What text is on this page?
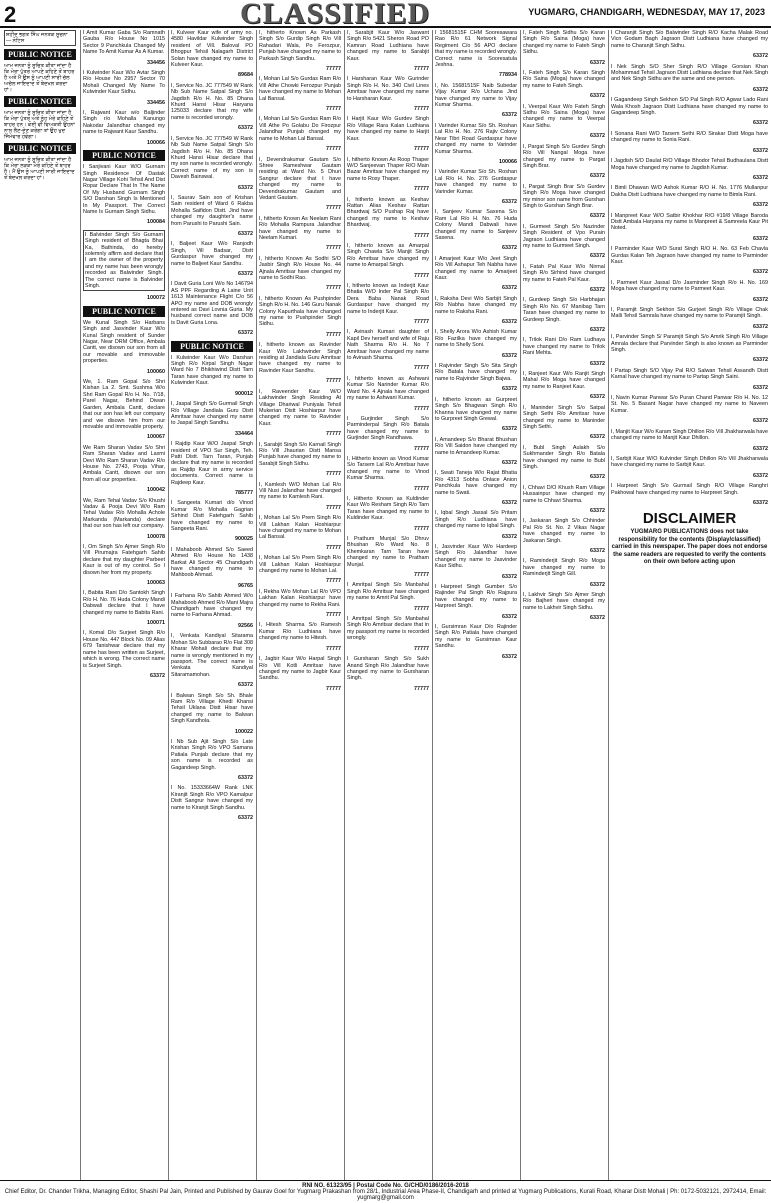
2	CLASSIFIED	YUGMARG, CHANDIGARH, WEDNESDAY, MAY 17, 2023
ਸ਼ਹੀਦ ਭਗਤ ਸਿੰਘ ਜਨਤਕ ਸੂਚਨਾ — ਨੋਟਿਸ
PUBLIC NOTICE
ਆਮ ਜਨਤਾ ਨੂੰ ਸੂਚਿਤ ਕੀਤਾ ਜਾਂਦਾ ਹੈ ਕਿ ਮੇਰਾ ਪੁੱਤਰ ਆਪਣੇ ਕਹਿਣੇ ਤੋਂ ਬਾਹਰ ਹੈ ਅਤੇ ਮੈਂ ਉਸ ਨੂੰ ਆਪਣੀ ਸਾਰੀ ਚੱਲ ਅਚੱਲ ਜਾਇਦਾਦ ਤੋਂ ਬੇਦਖਲ ਕਰਦਾ ਹਾਂ।
PUBLIC NOTICE
ਆਮ ਜਨਤਾ ਨੂੰ ਸੂਚਿਤ ਕੀਤਾ ਜਾਂਦਾ ਹੈ ਕਿ ਮੇਰਾ ਪੁੱਤਰ ਅਤੇ ਨੂੰਹ ਮੇਰੇ ਕਹਿਣੇ ਤੋਂ ਬਾਹਰ ਹਨ। ਕੋਈ ਵੀ ਵਿਅਕਤੀ ਉਹਨਾਂ ਨਾਲ ਲੈਣ-ਦੇਣ ਕਰੇਗਾ ਤਾਂ ਉਹ ਖੁਦ ਜਿੰਮੇਵਾਰ ਹੋਵੇਗਾ।
PUBLIC NOTICE
ਆਮ ਜਨਤਾ ਨੂੰ ਸੂਚਿਤ ਕੀਤਾ ਜਾਂਦਾ ਹੈ ਕਿ ਮੇਰਾ ਲੜਕਾ ਮੇਰੇ ਕਹਿਣੇ ਤੋਂ ਬਾਹਰ ਹੈ। ਮੈਂ ਉਸ ਨੂੰ ਆਪਣੀ ਸਾਰੀ ਜਾਇਦਾਦ ਤੋਂ ਬੇਦਖਲ ਕਰਦਾ ਹਾਂ।
I Amit Kumar Gaba S/o Ramnath Gauba R/o House No 1015 Sector 9 Panchkula Changed My Name To Amit Kumar As A Kumar.
334456
I Kulwinder Kaur W/o Avtar Singh R/o House No 2957 Sector 70 Mohali Changed My Name To Kulwinder Kaur Sidhu.
334456
I, Rajwant Kaur w/o Baljinder Singh r/o Mohalla Kanungo Nakodar Jalandhar changed my name to Rajwant Kaur Sandhu.
100066
PUBLIC NOTICE
I Sanjivani Kaur W/O Gurnam Singh Residence Of Dastak Nagar Village Kohi Tehsil And Dist Ropar Declare That In The Name Of My Husband Gurnam Singh S/O Darshan Singh Is Mentioned In My Passport. The Correct Name Is Gurnam Singh Sidhu.
100084
I Balvinder Singh S/o Gurnam Singh resident of Bhagta Bhai Ka, Bathinda, do hereby solemnly affirm and declare that I am the owner of the property and my name has been wrongly recorded as Balwinder Singh. The correct name is Balvinder Singh.
100072
PUBLIC NOTICE
We Kunal Singh S/o Harbans Singh and Jasvinder Kaur W/o Kunal Singh resident of Sunder Nagar, Near DRM Office, Ambala Cantt, we disown our son from all our movable and immovable properties.
100060
We, 1. Ram Gopal S/o Shri Kishan La 2. Smt. Sushma W/o Shri Ram Gopal R/o H. No. 7/18, Parel Nagar, Behind Diwan Garden, Ambala Cantt, declare that our son has left our company and we disown him from our movable and immovable property.
100067
We Ram Sharan Vadav S/o Shri Ram Sharan Vadav and Laxmi Devi W/o Ram Sharan Vadav R/o House No. 2743, Pooja Vihar, Ambala Cantt, disown our son from all our properties.
100042
We, Ram Tehal Vadav S/o Khushi Vadav & Pooja Devi W/o Ram Tehal Vadav R/o Mohalla Achole Markanda (Markanda) declare that our son has left our company.
100078
I, Om Singh S/o Ajmer Singh R/o Vill Pirumajra Fatehgarh Sahib declare that my daughter Parbeet Kaur is out of my control. So I disown her from my property.
100063
I, Babita Rani D/o Santokh Singh R/o H. No. 76 Huda Colony Mandi Dabwali declare that I have changed my name to Babita Rani.
100071
I, Komal D/o Surjeet Singh R/o House No. 447 Block No. 09 Alias 679 Tanishwar declare that my name has been written as Surjeet, which is wrong. The correct name is Surjeet Singh.
63372
I, Kulveer Kaur wife of army no. 4580 Havildar Kulwinder Singh resident of Vill. Baloval PO Bhogpur Tehsil Nalagarh District Solan have changed my name to Kulveer Kaur.
89684
I, Service No. JC 777549 W Rank Nb Sub Name Satpal Singh S/o Jagdish R/o H. No. 85 Dhana Khurd Hansi Hisar Haryana 125033 declare that my wife name is recorded wrongly.
63372
I, Service No. JC 777549 W Rank Nb Sub Name Satpal Singh S/o Jagdish R/o H. No. 85 Dhana Khurd Hansi Hisar declare that my son name is recorded wrongly. Correct name of my son is Davesh Bainswal.
63372
I, Saurav Sain son of Krishan Sain resident of Ward 6 Rakba Mohalla Saifidon Distt. Jind have changed my daughter's name from Parushi to Parushi Sain.
63372
I, Baljeet Kaur W/o Ranjodh Singh, Vill Badsar, Distt Gurdaspur have changed my name to Baljeet Kaur Sandhu.
63372
I Davit Guria Loni W/o No 146794 AS PPF Regarding A Laine Unit 1613 Maintenance Flight C/o 56 APO my name and DOB wrongly entered as Davi Lovnia Guria. My husband correct name and DOB is Davit Guria Lona.
63372
PUBLIC NOTICE
I Kulwinder Kaur W/o Darshan Singh R/o Kirpal Singh Nagar Ward No 7 Bhikhiwind Distt Tarn Taran have changed my name to Kulwinder Kaur.
900012
I, Jaspal Singh S/o Gurmail Singh R/o Village Jandiala Guru Distt Amritsar have changed my name to Jaspal Singh Sandhu.
334464
I Rajdip Kaur W/O Jaspal Singh resident of VPO Sur Singh, Teh. Patti Distt. Tarn Taran, Punjab declare that my name is recorded as Rajdip Kaur in army service documents. Correct name is Rajdeep Kaur.
785777
I Sangeeta Kumari d/o Vinod Kumar R/o Mohalla Gagrian Sirhind Distt Fatehgarh Sahib have changed my name to Sangeeta Rani.
900025
I Mahaboob Ahmed S/o Saeed Ahmed R/o House No 1438 Barkat Ali Sector 45 Chandigarh have changed my name to Mahboob Ahmad.
96765
I Farhana R/o Sahib Ahmed W/o Mahaboob Ahmed R/o Mani Majra Chandigarh have changed my name to Farhana Ahmad.
92566
I, Venkata Kandiyal Sitarama Mohan S/o Subbarao R/o Flat 308 Kharar Mohali declare that my name is wrongly mentioned in my passport. The correct name is Venkata Kandiyal Sitaramamohan.
63372
I Balwan Singh S/o Sh. Bhale Ram R/o Village Khedi Khansi Tehsil Uklana Distt Hisar have changed my name to Balwan Singh Kandhola.
100022
I Nb Sub Ajit Singh S/o Late Krishan Singh R/o VPO Samana Patiala Punjab declare that my son name is recorded as Gagandeep Singh.
63372
I No. 15333664W Rank LNK Kiranjit Singh R/o VPO Kamalpur Distt Sangrur have changed my name to Kiranjit Singh Sandhu.
63372
I, hitherto Known As Parkash Singh S/o Gurdip Singh R/o Vill Rahadari Wala, Po Ferozpur, Punjab have changed my name to Parkash Singh Sandhu.
77777
I, Mohan Lal S/o Gurdas Ram R/o Vill Athe Chowki Ferozpur Punjab have changed my name to Mohan Lal Bansal.
77777
I, Mohan Lal S/o Gurdas Ram R/o Vill Athe Po Golabu Do Firozpur Jalandhar Punjab changed my name to Mohan Lal Bansal.
77777
I, Devendrakumar Gautam S/o Shree Rameshwar Gautam residing at Ward No. 5 Dhuri Sangrur declare that I have changed my name to Devendrakumar Gautam and Vedant Gautam.
77777
I, hitherto Known As Neelam Rani R/o Mohalla Rampura Jalandhar have changed my name to Neelam Kumari.
77777
I, hitherto Known As Sodhi S/O Jasbir Singh R/o House No. 44 Ajnala Amritsar have changed my name to Sodhi Rao.
77777
I, hitherto Known As Pushpinder Singh R/o H. No. 146 Guru Nanak Colony Kapurthala have changed my name to Pushpinder Singh Sidhu.
77777
I, hitherto known as Ravinder Kaur W/o Lakhwinder Singh residing at Jandiala Guru Amritsar have changed my name to Ravinder Kaur Sandhu.
77777
I, Raveender Kaur W/O Lakhwinder Singh Residing At Village Dhariwal Puniyala Tehsil Mukerian Distt Hoshiarpur have changed my name to Ravinder Kaur.
77777
I, Sarabjit Singh S/o Karnail Singh R/o Vill Jhaurian Distt Mansa Punjab have changed my name to Sarabjit Singh Sidhu.
77777
I, Kamlesh W/O Mohan Lal R/o Vill Nusi Jalandhar have changed my name to Kamlesh Rani.
77777
I, Mohan Lal S/o Prem Singh R/o Vill Lakhan Kalan Hoshiarpur have changed my name to Mohan Lal Bansal.
77777
I, Mohan Lal S/o Prem Singh R/o Vill Lakhan Kalan Hoshiarpur changed my name to Mohan Lal.
77777
I, Rekha W/o Mohan Lal R/o VPO Lakhan Kalan Hoshiarpur have changed my name to Rekha Rani.
77777
I, Hitesh Sharma S/o Ramesh Kumar R/o Ludhiana have changed my name to Hitesh.
77777
I, Jagbir Kaur W/o Harpal Singh R/o Vill Kotli Amritsar have changed my name to Jagbir Kaur Sandhu.
77777
I, Sarabjit Kaur W/o Jaswant Singh R/o 5421 Sheron Road PO Kamran Road Ludhiana have changed my name to Sarabjit Kaur.
77777
I Harsharan Kaur W/o Gurinder Singh R/o H. No. 340 Civil Lines Amritsar have changed my name to Harsharan Kaur.
77777
I Harjit Kaur W/o Gurdev Singh R/o Village Rara Kalan Ludhiana have changed my name to Harjit Kaur.
77777
I, hitherto Known As Roop Thaper W/O Sanjeevan Thaper R/O Main Bazar Amritsar have changed my name to Rosy Thaper.
77777
I, hitherto known as Keshav Rattan Alias Keshav Rattan Bhardwaj S/O Pushap Raj have changed my name to Keshav Bhardwaj.
77777
I, hitherto known as Amarpal Singh Chawla S/o Manjit Singh R/o Amritsar have changed my name to Amarpal Singh.
77777
I, hitherto known as Inderjit Kaur Bhatia W/O Inder Pal Singh R/o Dera Baba Nanak Road Gurdaspur have changed my name to Inderjit Kaur.
77777
I, Avinash Kumari daughter of Kapil Dev herself and wife of Raju Nath Sharma R/o H. No 7 Amritsar have changed my name to Avinash Sharma.
77777
I, hitherto known as Ashwani Kumar S/o Narinder Kumar R/o Ward No. 4 Ajnala have changed my name to Ashwani Kumar.
77777
I Gurjinder Singh S/o Parminderpal Singh R/o Batala have changed my name to Gurjinder Singh Randhawa.
77777
I, Hitherto known as Vinod Kumar S/o Tarsem Lal R/o Amritsar have changed my name to Vinod Kumar Sharma.
77777
I, Hitherto Known as Kuldinder Kaur W/o Resham Singh R/o Tarn Taran have changed my name to Kuldinder Kaur.
77777
I Prathum Munjal S/o Dhruv Bhushan R/o Ward No. 8 Khemkaran Tarn Taran have changed my name to Pratham Munjal.
77777
I Amritpal Singh S/o Manbahal Singh R/o Amritsar have changed my name to Amrit Pal Singh.
77777
I Amritpal Singh S/o Manbahal Singh R/o Amritsar declare that in my passport my name is recorded wrongly.
77777
I Gursharan Singh S/o Sukh Anand Singh R/o Jalandhar have changed my name to Gursharan Singh.
77777
I 15681515F CHM Sooresawara Rao R/o 61 Network Signal Regiment C/o 56 APO declare that my name is recorded wrongly. Correct name is Sooresatula Jeshna.
778934
I, No. 15681515F Naib Subedar Vijay Kumar R/o Uchana Jind have changed my name to Vijay Kumar Sharma.
63372
I Varinder Kumar S/o Sh. Roshan Lal R/o H. No. 276 Rajiv Colony Near Tibri Road Gurdaspur have changed my name to Varinder Kumar Sharma.
100066
I Varinder Kumar S/o Sh. Roshan Lal R/o H. No. 276 Gurdaspur have changed my name to Varinder Kumar.
63372
I, Sanjeev Kumar Saxena S/o Ram Lal R/o H. No. 76 Huda Colony Mandi Dabwali have changed my name to Sanjeev Saxena.
63372
I Amarjeet Kaur W/o Jeet Singh R/o Vill Ashapur Teh Nabha have changed my name to Amarjeet Kaur.
63372
I, Raksha Devi W/o Sarbjit Singh R/o Nabha have changed my name to Raksha Rani.
63372
I, Shelly Arora W/o Ashish Kumar R/o Fazilka have changed my name to Shelly Soni.
63372
I Rajvinder Singh S/o Sita Singh R/o Batala have changed my name to Rajvinder Singh Bajwa.
63372
I, hitherto known as Gurpreet Singh S/o Bhagwan Singh R/o Khanna have changed my name to Gurpreet Singh Grewal.
63372
I, Amandeep S/o Bharat Bhushan R/o Vill Saidon have changed my name to Amandeep Kumar.
63372
I, Swati Taneja W/o Rajat Bhatia R/o 4313 Sobha Onlace Anion Panchkula have changed my name to Swati.
63372
I, Iqbal Singh Jassal S/o Pritam Singh R/o Ludhiana have changed my name to Iqbal Singh.
63372
I, Jasvinder Kaur W/o Hardeep Singh R/o Jalandhar have changed my name to Jasvinder Kaur Sidhu.
63372
I Harpreet Singh Gumber S/o Rajinder Pal Singh R/o Rajpura have changed my name to Harpreet Singh.
63372
I, Gursimran Kaur D/o Rajinder Singh R/o Patiala have changed my name to Gursimran Kaur Sandhu.
63372
I, Fateh Singh Sidhu S/o Karan Singh R/o Saina (Moga) have changed my name to Fateh Singh Sidhu.
63372
I, Fateh Singh S/o Karan Singh R/o Saina (Moga) have changed my name to Fateh Singh.
63372
I, Veerpal Kaur W/o Fateh Singh Sidhu R/o Saina (Moga) have changed my name to Veerpal Kaur Sidhu.
63372
I, Pargat Singh S/o Gurdev Singh R/o Vill Nangal Moga have changed my name to Pargat Singh Brar.
63372
I, Pargat Singh Brar S/o Gurdev Singh R/o Moga have changed my minor son name from Gurshan Singh to Gurshan Singh Brar.
63372
I, Gurmeet Singh S/o Nazinder Singh Resident of Vpo Purain Jagraon Ludhiana have changed my name to Gurmeet Singh.
63372
I, Fatah Pal Kaur W/o Nirmal Singh R/o Sirhind have changed my name to Fateh Pal Kaur.
63372
I, Gurdeep Singh S/o Harbhajan Singh R/o No. 67 Manibag Tarn Taran have changed my name to Gurdeep Singh.
63372
I, Trilok Rani D/o Ram Ludhaya have changed my name to Trilok Rani Mehta.
63372
I, Ranjeet Kaur W/o Ranjit Singh Mahal R/o Moga have changed my name to Ranjeet Kaur.
63372
I, Maninder Singh S/o Satpal Singh Sethi R/o Amritsar have changed my name to Maninder Singh Sethi.
63372
I, Bubl Singh Aulakh S/o Sukhmander Singh R/o Batala have changed my name to Bubl Singh.
63372
I, Chhavi D/O Khush Ram Village Hussainpur have changed my name to Chhavi Sharma.
63372
I, Jaskaran Singh S/o Chhinder Pal R/o St. No. 2 Vikas Nagar have changed my name to Jaskaran Singh.
63372
I, Raminderjit Singh R/o Moga have changed my name to Raminderjit Singh Gill.
63372
I, Lakhvir Singh S/o Ajmer Singh R/o Bajheri have changed my name to Lakhvir Singh Sidhu.
63372
I Charanjit Singh S/o Balwinder Singh R/O Kacha Malak Road Vicn Godam Bagh Jagraon Distt Ludhiana have changed my name to Charanjit Singh Sidhu.
63372
I Nek Singh S/O Sher Singh R/O Village Gorsian Khan Mohammad Tehsil Jagraon Distt Ludhiana declare that Nek Singh and Nek Singh Sidhu are the same and one person.
63372
I Gagandeep Singh Sekhon S/O Pal Singh R/O Agwar Lado Rani Wala Khosh Jagraon Distt Ludhiana have changed my name to Gagandeep Singh.
63372
I Sonana Rani W/O Tarsem Sethi R/O Sirakar Distt Moga have changed my name to Sonia Rani.
63372
I Jagdish S/O Daulat R/O Village Bhodor Tehsil Budhaulana Distt Moga have changed my name to Jagdish Kumar.
63372
I Bimli Dhawan W/O Ashok Kumar R/O H. No. 1776 Mullanpur Dakha Distt Ludhiana have changed my name to Bimla Rani.
63372
I Manpreet Kaur W/O Satbir Khokhar R/O #19/8 Village Baroda Distt Ambala Haryana my name is Manpreet & Samreela Kaur Pit Noted.
63372
I Parminder Kaur W/O Surat Singh R/O H. No. 63 Feb Chavla Gurdas Kalan Teh Jagraon have changed my name to Parminder Kaur.
63372
I, Parmeet Kaur Jassal D/o Jasminder Singh R/o H. No. 169 Moga have changed my name to Parmeet Kaur.
63372
I, Paramjit Singh Sekhon S/o Gurjeet Singh R/o Village Chak Malli Tehsil Samrala have changed my name to Paramjit Singh.
63372
I, Parvinder Singh S/ Paramjit Singh S/o Amrik Singh R/o Village Amrala declare that Parvinder Singh is also known as Parminder Singh.
63372
I Partap Singh S/O Vijay Pal R/O Salwan Tehsil Assandh Distt Karnal have changed my name to Partap Singh Saini.
63372
I, Navin Kumar Panwar S/o Puran Chand Panwar R/o H. No. 12 St. No. 5 Basant Nagar have changed my name to Naveen Kumar.
63372
I, Manjit Kaur W/o Karam Singh Dhillon R/o Vill Jhakharwala have changed my name to Manjit Kaur Dhillon.
63372
I, Sarbjit Kaur W/O Kulvinder Singh Dhillon R/o Vill Jhakharwala have changed my name to Sarbjit Kaur.
63372
I Harpreet Singh S/o Gurmail Singh R/O Village Ranghri Pakhowal have changed my name to Harpreet Singh.
63372
DISCLAIMER
YUGMARG PUBLICATIONS does not take responsibility for the contents (Display/classified) carried in this newspaper. The paper does not endorse the same readers are requested to verify the contents on their own before acting upon
RNI NO. 61323/95 | Postal Code No. G/CHD/0186/2016-2018
Chief Editor, Dr. Chander Trikha, Managing Editor, Shashi Pal Jain, Printed and Published by Gaurav Goel for Yugmarg Prakashan from 28/1, Industrial Area Phase-II, Chandigarh and printed at Yugmarg Publications, Kurali Road, Kharar Distt Mohali | Ph: 0172-5032121, 2972414, Email: yugmarg@gmail.com
